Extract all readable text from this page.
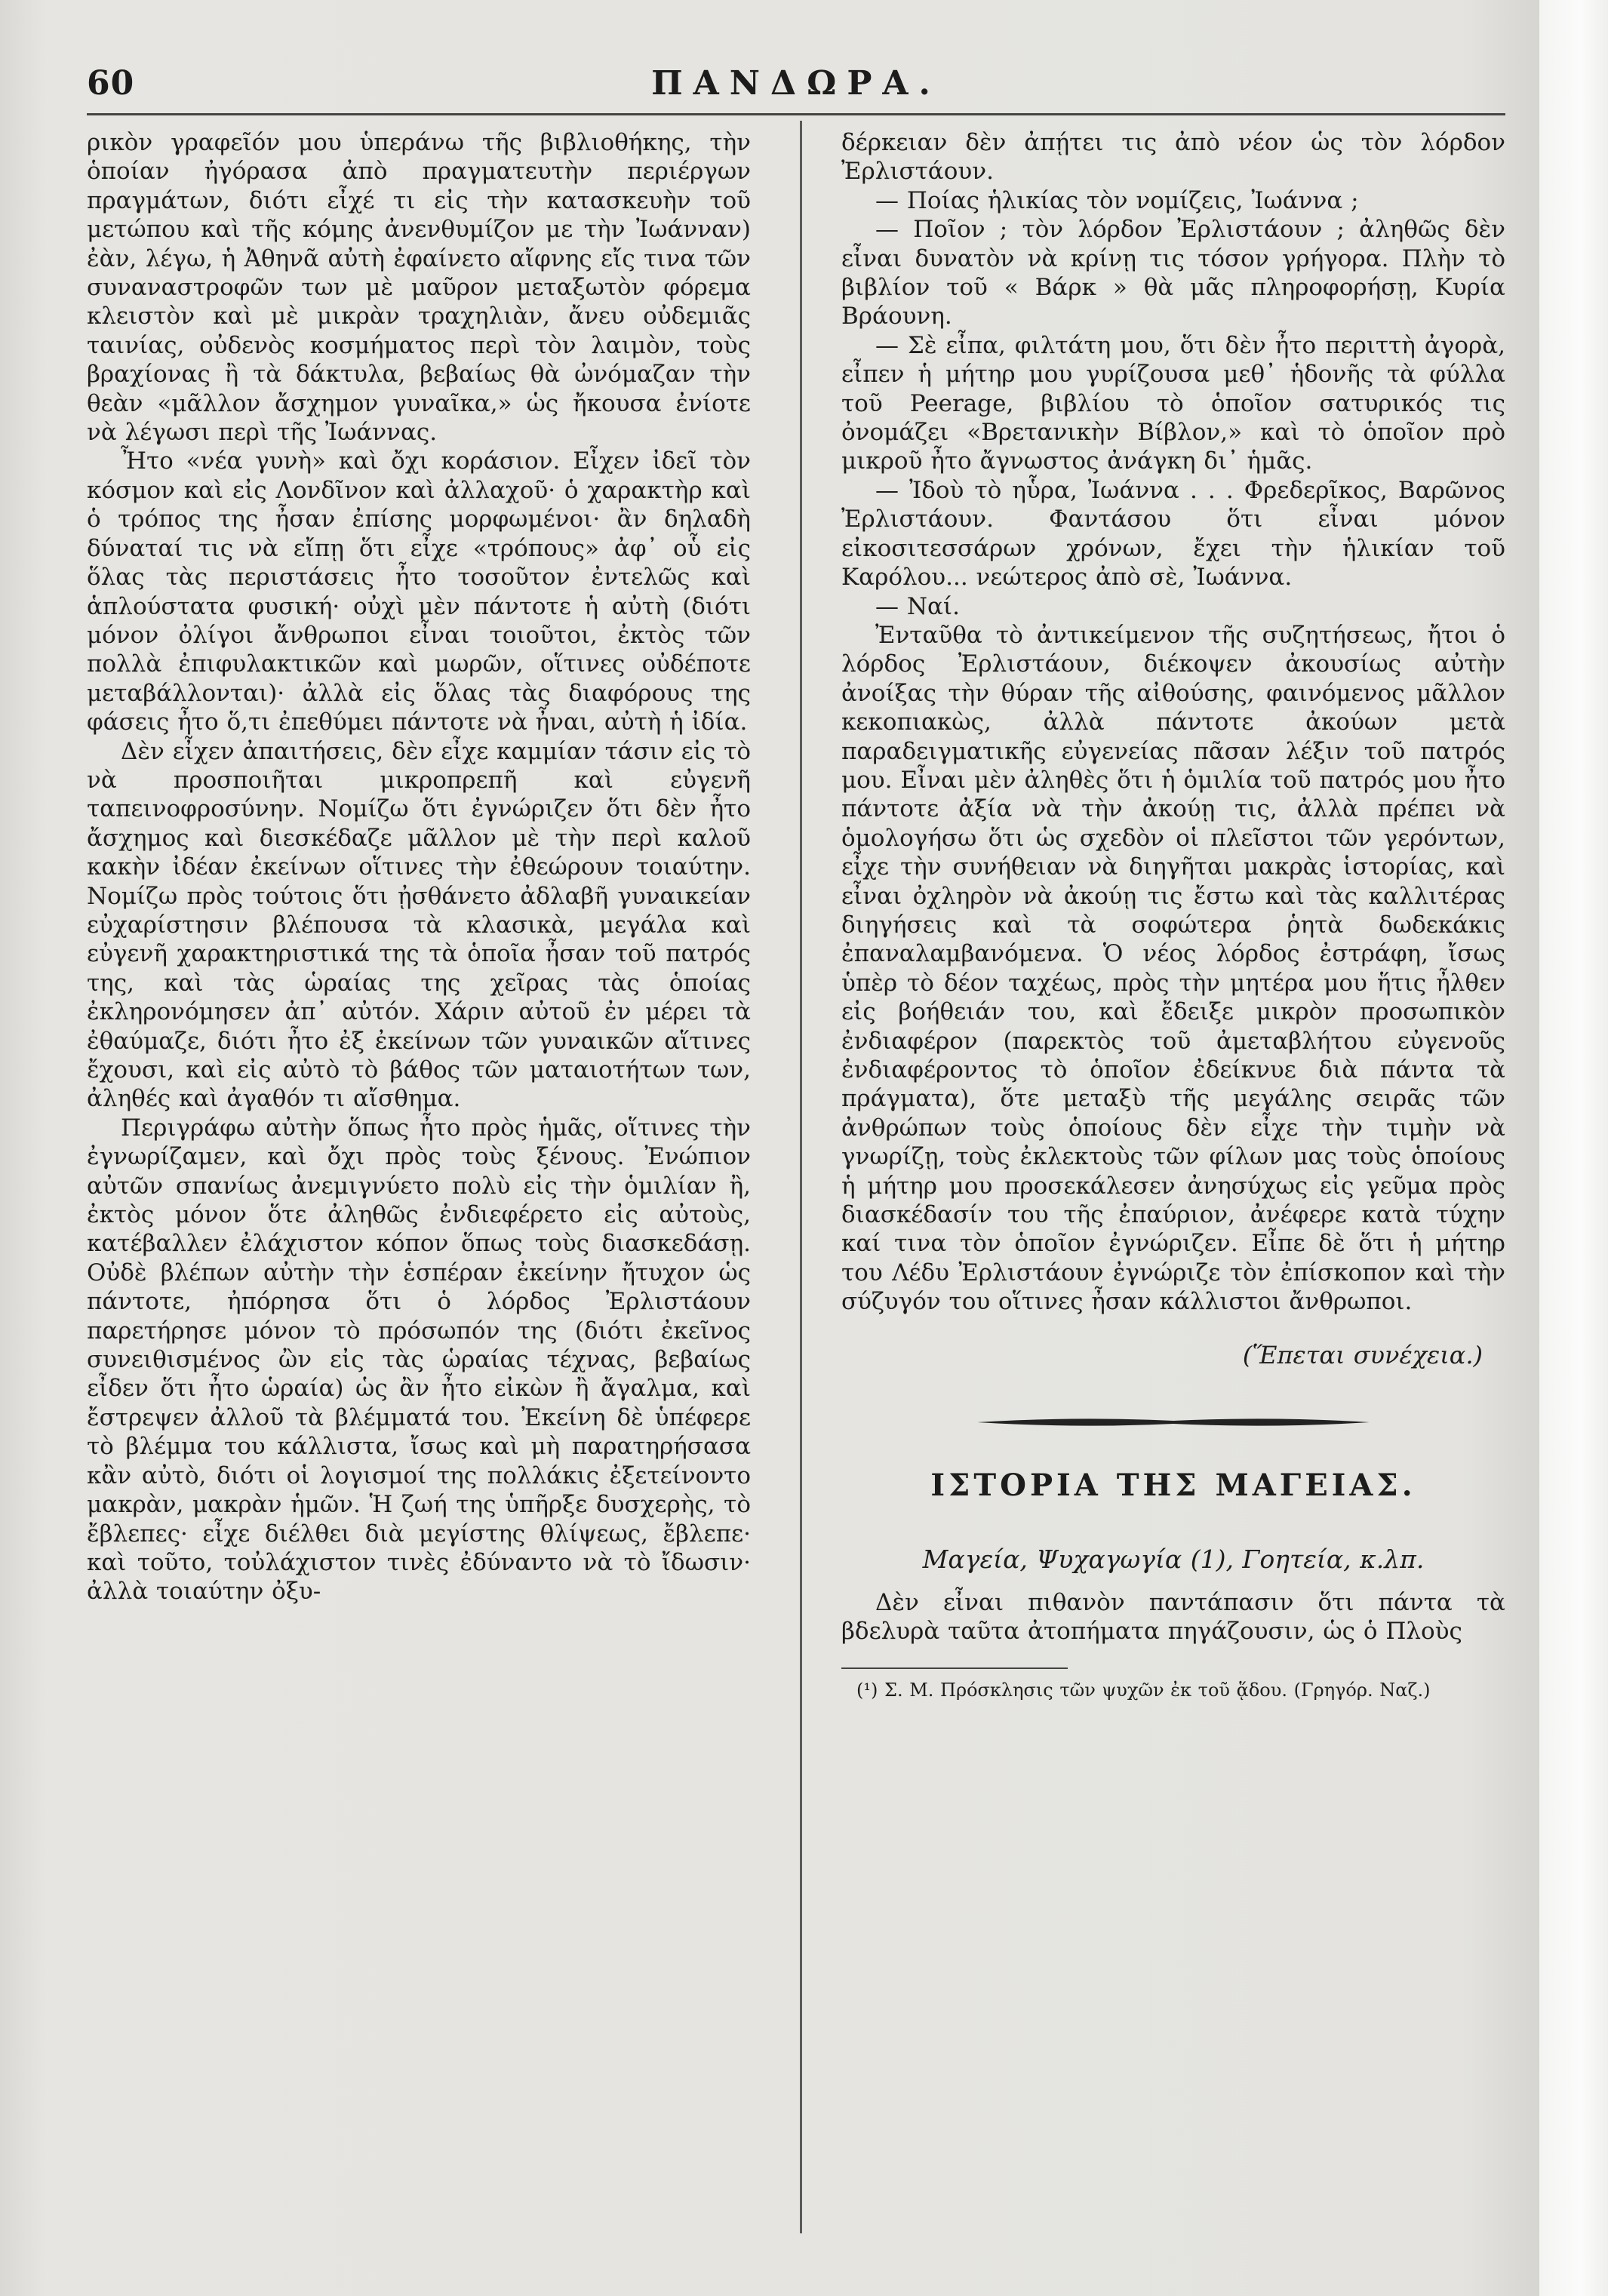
60	ΠΑΝΔΩΡΑ.

ρικὸν γραφεῖόν μου ὑπεράνω τῆς βιβλιοθήκης, τὴν ὁποίαν ἠγόρασα ἀπὸ πραγματευτὴν περιέργων πραγμάτων, διότι εἶχέ τι εἰς τὴν κατασκευὴν τοῦ μετώπου καὶ τῆς κόμης ἀνενθυμίζον με τὴν Ἰωάνναν) ἐὰν, λέγω, ἡ Ἀθηνᾶ αὐτὴ ἐφαίνετο αἴφνης εἴς τινα τῶν συναναστροφῶν των μὲ μαῦρον μεταξωτὸν φόρεμα κλειστὸν καὶ μὲ μικρὰν τραχηλιὰν, ἄνευ οὐδεμιᾶς ταινίας, οὐδενὸς κοσμήματος περὶ τὸν λαιμὸν, τοὺς βραχίονας ἢ τὰ δάκτυλα, βεβαίως θὰ ὠνόμαζαν τὴν θεὰν «μᾶλλον ἄσχημον γυναῖκα,» ὡς ἤκουσα ἐνίοτε νὰ λέγωσι περὶ τῆς Ἰωάννας.

Ἦτο «νέα γυνὴ» καὶ ὄχι κοράσιον. Εἶχεν ἰδεῖ τὸν κόσμον καὶ εἰς Λονδῖνον καὶ ἀλλαχοῦ· ὁ χαρακτὴρ καὶ ὁ τρόπος της ἦσαν ἐπίσης μορφωμένοι· ἂν δηλαδὴ δύναταί τις νὰ εἴπῃ ὅτι εἶχε «τρόπους» ἀφ᾽ οὗ εἰς ὅλας τὰς περιστάσεις ἦτο τοσοῦτον ἐντελῶς καὶ ἁπλούστατα φυσική· οὐχὶ μὲν πάντοτε ἡ αὐτὴ (διότι μόνον ὀλίγοι ἄνθρωποι εἶναι τοιοῦτοι, ἐκτὸς τῶν πολλὰ ἐπιφυλακτικῶν καὶ μωρῶν, οἵτινες οὐδέποτε μεταβάλλονται)· ἀλλὰ εἰς ὅλας τὰς διαφόρους της φάσεις ἦτο ὅ,τι ἐπεθύμει πάντοτε νὰ ἦναι, αὐτὴ ἡ ἰδία.

Δὲν εἶχεν ἀπαιτήσεις, δὲν εἶχε καμμίαν τάσιν εἰς τὸ νὰ προσποιῆται μικροπρεπῆ καὶ εὐγενῆ ταπεινοφροσύνην. Νομίζω ὅτι ἐγνώριζεν ὅτι δὲν ἦτο ἄσχημος καὶ διεσκέδαζε μᾶλλον μὲ τὴν περὶ καλοῦ κακὴν ἰδέαν ἐκείνων οἵτινες τὴν ἐθεώρουν τοιαύτην. Νομίζω πρὸς τούτοις ὅτι ᾐσθάνετο ἀδλαβῆ γυναικείαν εὐχαρίστησιν βλέπουσα τὰ κλασικὰ, μεγάλα καὶ εὐγενῆ χαρακτηριστικά της τὰ ὁποῖα ἦσαν τοῦ πατρός της, καὶ τὰς ὡραίας της χεῖρας τὰς ὁποίας ἐκληρονόμησεν ἀπ᾽ αὐτόν. Χάριν αὐτοῦ ἐν μέρει τὰ ἐθαύμαζε, διότι ἦτο ἐξ ἐκείνων τῶν γυναικῶν αἵτινες ἔχουσι, καὶ εἰς αὐτὸ τὸ βάθος τῶν ματαιοτήτων των, ἀληθές καὶ ἀγαθόν τι αἴσθημα.

Περιγράφω αὐτὴν ὅπως ἦτο πρὸς ἡμᾶς, οἵτινες τὴν ἐγνωρίζαμεν, καὶ ὄχι πρὸς τοὺς ξένους. Ἐνώπιον αὐτῶν σπανίως ἀνεμιγνύετο πολὺ εἰς τὴν ὁμιλίαν ἢ, ἐκτὸς μόνον ὅτε ἀληθῶς ἐνδιεφέρετο εἰς αὐτοὺς, κατέβαλλεν ἐλάχιστον κόπον ὅπως τοὺς διασκεδάσῃ. Οὐδὲ βλέπων αὐτὴν τὴν ἑσπέραν ἐκείνην ἤτυχον ὡς πάντοτε, ἠπόρησα ὅτι ὁ λόρδος Ἐρλιστάουν παρετήρησε μόνον τὸ πρόσωπόν της (διότι ἐκεῖνος συνειθισμένος ὢν εἰς τὰς ὡραίας τέχνας, βεβαίως εἶδεν ὅτι ἦτο ὡραία) ὡς ἂν ἦτο εἰκὼν ἢ ἄγαλμα, καὶ ἔστρεψεν ἀλλοῦ τὰ βλέμματά του. Ἐκείνη δὲ ὑπέφερε τὸ βλέμμα του κάλλιστα, ἴσως καὶ μὴ παρατηρήσασα κἂν αὐτὸ, διότι οἱ λογισμοί της πολλάκις ἐξετείνοντο μακρὰν, μακρὰν ἡμῶν. Ἡ ζωή της ὑπῆρξε δυσχερὴς, τὸ ἔβλεπες· εἶχε διέλθει διὰ μεγίστης θλίψεως, ἔβλεπε· καὶ τοῦτο, τοὐλάχιστον τινὲς ἐδύναντο νὰ τὸ ἴδωσιν· ἀλλὰ τοιαύτην ὀξυ-

δέρκειαν δὲν ἀπῄτει τις ἀπὸ νέον ὡς τὸν λόρδον Ἐρλιστάουν.

— Ποίας ἡλικίας τὸν νομίζεις, Ἰωάννα ;

— Ποῖον ; τὸν λόρδον Ἐρλιστάουν ; ἀληθῶς δὲν εἶναι δυνατὸν νὰ κρίνῃ τις τόσον γρήγορα. Πλὴν τὸ βιβλίον τοῦ « Βάρκ » θὰ μᾶς πληροφορήσῃ, Κυρία Βράουνη.

— Σὲ εἶπα, φιλτάτη μου, ὅτι δὲν ἦτο περιττὴ ἀγορὰ, εἶπεν ἡ μήτηρ μου γυρίζουσα μεθ᾽ ἡδονῆς τὰ φύλλα τοῦ Peerage, βιβλίου τὸ ὁποῖον σατυρικός τις ὀνομάζει «Βρετανικὴν Βίβλον,» καὶ τὸ ὁποῖον πρὸ μικροῦ ἦτο ἄγνωστος ἀνάγκη δι᾽ ἡμᾶς.

— Ἰδοὺ τὸ ηὗρα, Ἰωάννα . . . Φρεδερῖκος, Βαρῶνος Ἐρλιστάουν. Φαντάσου ὅτι εἶναι μόνον εἰκοσιτεσσάρων χρόνων, ἔχει τὴν ἡλικίαν τοῦ Καρόλου... νεώτερος ἀπὸ σὲ, Ἰωάννα.

— Ναί.

Ἐνταῦθα τὸ ἀντικείμενον τῆς συζητήσεως, ἤτοι ὁ λόρδος Ἐρλιστάουν, διέκοψεν ἀκουσίως αὐτὴν ἀνοίξας τὴν θύραν τῆς αἰθούσης, φαινόμενος μᾶλλον κεκοπιακὼς, ἀλλὰ πάντοτε ἀκούων μετὰ παραδειγματικῆς εὐγενείας πᾶσαν λέξιν τοῦ πατρός μου. Εἶναι μὲν ἀληθὲς ὅτι ἡ ὁμιλία τοῦ πατρός μου ἦτο πάντοτε ἀξία νὰ τὴν ἀκούῃ τις, ἀλλὰ πρέπει νὰ ὁμολογήσω ὅτι ὡς σχεδὸν οἱ πλεῖστοι τῶν γερόντων, εἶχε τὴν συνήθειαν νὰ διηγῆται μακρὰς ἱστορίας, καὶ εἶναι ὀχληρὸν νὰ ἀκούῃ τις ἔστω καὶ τὰς καλλιτέρας διηγήσεις καὶ τὰ σοφώτερα ῥητὰ δωδεκάκις ἐπαναλαμβανόμενα. Ὁ νέος λόρδος ἐστράφη, ἴσως ὑπὲρ τὸ δέον ταχέως, πρὸς τὴν μητέρα μου ἥτις ἦλθεν εἰς βοήθειάν του, καὶ ἔδειξε μικρὸν προσωπικὸν ἐνδιαφέρον (παρεκτὸς τοῦ ἀμεταβλήτου εὐγενοῦς ἐνδιαφέροντος τὸ ὁποῖον ἐδείκνυε διὰ πάντα τὰ πράγματα), ὅτε μεταξὺ τῆς μεγάλης σειρᾶς τῶν ἀνθρώπων τοὺς ὁποίους δὲν εἶχε τὴν τιμὴν νὰ γνωρίζῃ, τοὺς ἐκλεκτοὺς τῶν φίλων μας τοὺς ὁποίους ἡ μήτηρ μου προσεκάλεσεν ἀνησύχως εἰς γεῦμα πρὸς διασκέδασίν του τῆς ἐπαύριον, ἀνέφερε κατὰ τύχην καί τινα τὸν ὁποῖον ἐγνώριζεν. Εἶπε δὲ ὅτι ἡ μήτηρ του Λέδυ Ἐρλιστάουν ἐγνώριζε τὸν ἐπίσκοπον καὶ τὴν σύζυγόν του οἵτινες ἦσαν κάλλιστοι ἄνθρωποι.

(Ἕπεται συνέχεια.)
ΙΣΤΟΡΙΑ ΤΗΣ ΜΑΓΕΙΑΣ.
Μαγεία, Ψυχαγωγία (1), Γοητεία, κ.λπ.

Δὲν εἶναι πιθανὸν παντάπασιν ὅτι πάντα τὰ βδελυρὰ ταῦτα ἀτοπήματα πηγάζουσιν, ὡς ὁ Πλοὺς

(¹) Σ. Μ. Πρόσκλησις τῶν ψυχῶν ἐκ τοῦ ᾅδου. (Γρηγόρ. Ναζ.)
